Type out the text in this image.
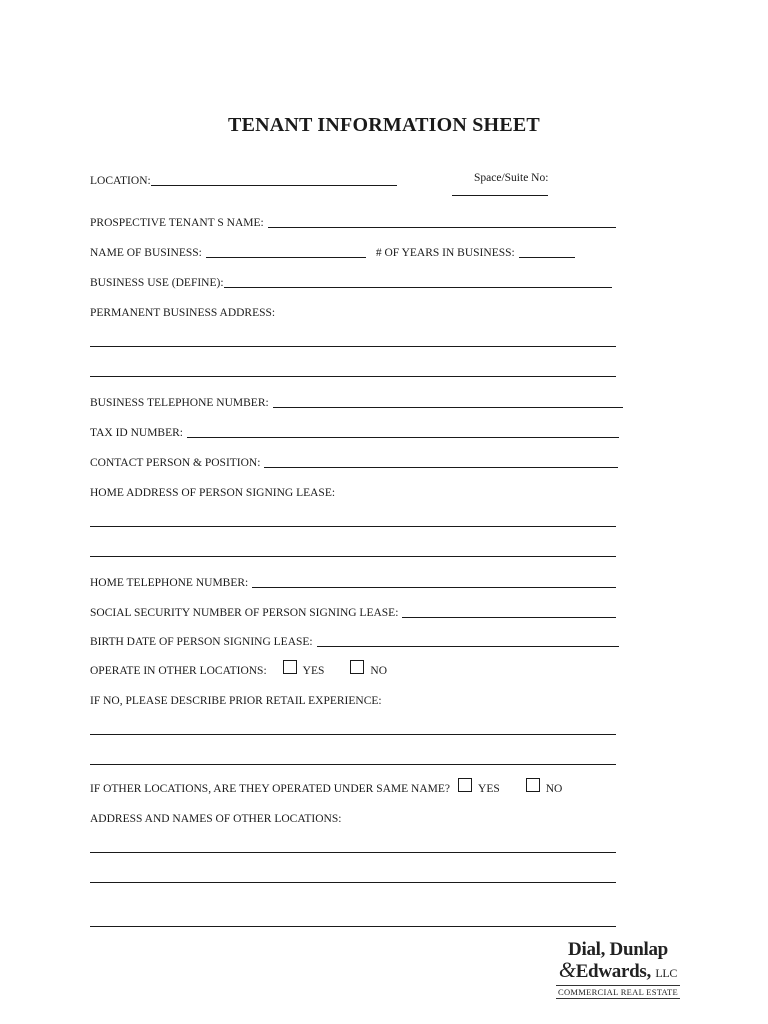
TENANT INFORMATION SHEET
LOCATION:	Space/Suite No:
PROSPECTIVE TENANT S NAME:
NAME OF BUSINESS:	# OF YEARS IN BUSINESS:
BUSINESS USE (DEFINE):
PERMANENT BUSINESS ADDRESS:
BUSINESS TELEPHONE NUMBER:
TAX ID NUMBER:
CONTACT PERSON & POSITION:
HOME ADDRESS OF PERSON SIGNING LEASE:
HOME TELEPHONE NUMBER:
SOCIAL SECURITY NUMBER OF PERSON SIGNING LEASE:
BIRTH DATE OF PERSON SIGNING LEASE:
OPERATE IN OTHER LOCATIONS:	YES	NO
IF NO, PLEASE DESCRIBE PRIOR RETAIL EXPERIENCE:
IF OTHER LOCATIONS, ARE THEY OPERATED UNDER SAME NAME? YES	NO
ADDRESS AND NAMES OF OTHER LOCATIONS:
Dial, Dunlap
&Edwards, LLC
COMMERCIAL REAL ESTATE
